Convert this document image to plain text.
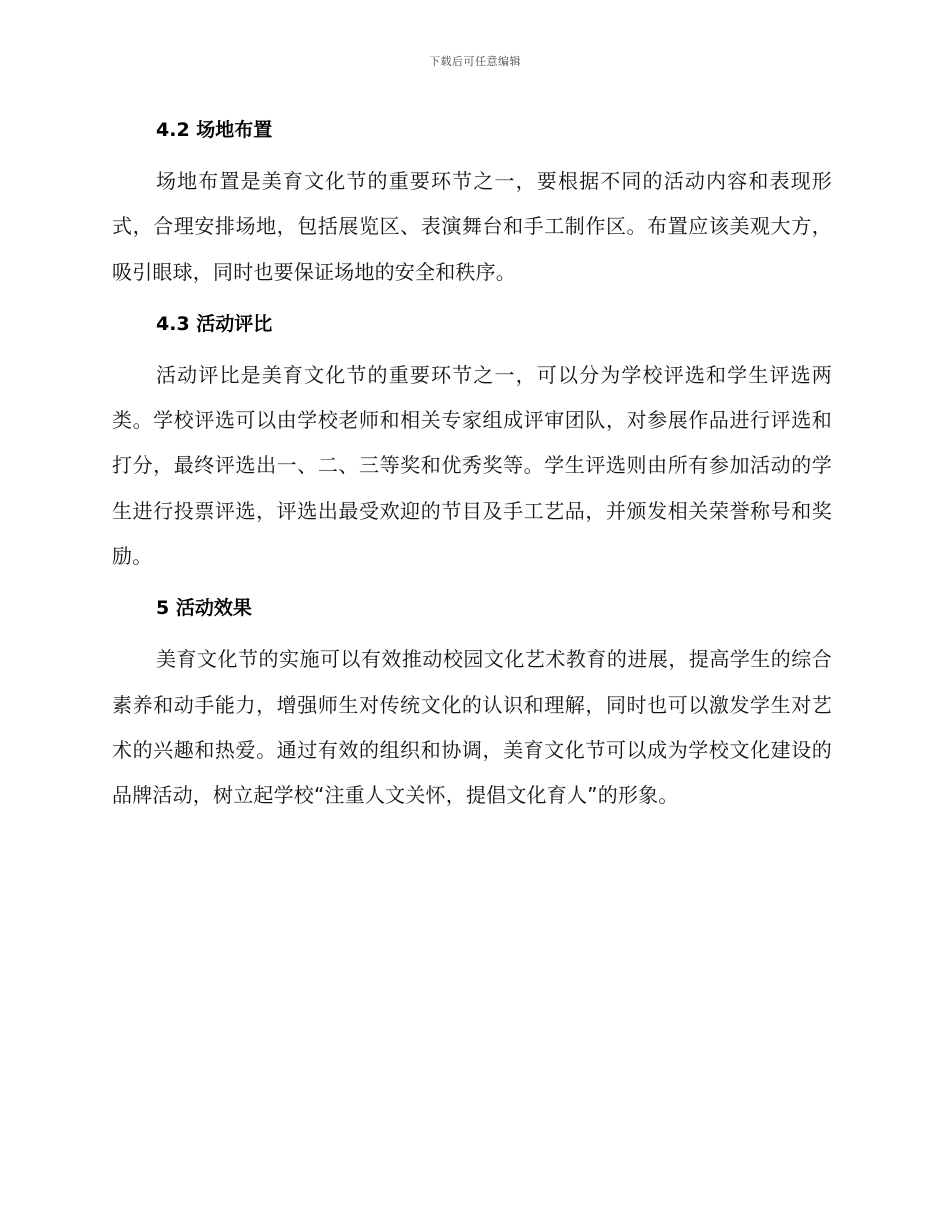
下载后可任意编辑
4.2 场地布置

场地布置是美育文化节的重要环节之一，要根据不同的活动内容和表现形式，合理安排场地，包括展览区、表演舞台和手工制作区。布置应该美观大方，吸引眼球，同时也要保证场地的安全和秩序。

4.3 活动评比

活动评比是美育文化节的重要环节之一，可以分为学校评选和学生评选两类。学校评选可以由学校老师和相关专家组成评审团队，对参展作品进行评选和打分，最终评选出一、二、三等奖和优秀奖等。学生评选则由所有参加活动的学生进行投票评选，评选出最受欢迎的节目及手工艺品，并颁发相关荣誉称号和奖励。

5 活动效果

美育文化节的实施可以有效推动校园文化艺术教育的进展，提高学生的综合素养和动手能力，增强师生对传统文化的认识和理解，同时也可以激发学生对艺术的兴趣和热爱。通过有效的组织和协调，美育文化节可以成为学校文化建设的品牌活动，树立起学校“注重人文关怀，提倡文化育人”的形象。
